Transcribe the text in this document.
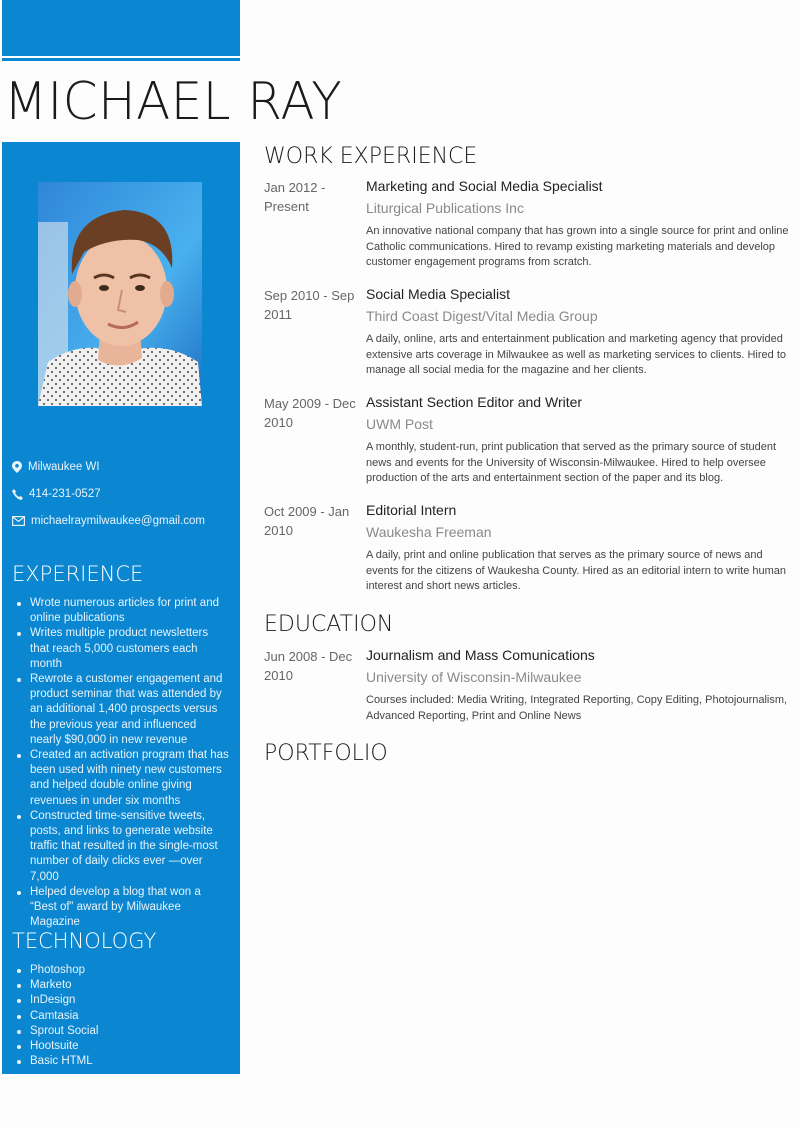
MICHAEL RAY
Milwaukee WI
414-231-0527
michaelraymilwaukee@gmail.com
EXPERIENCE
Wrote numerous articles for print and online publications
Writes multiple product newsletters that reach 5,000 customers each month
Rewrote a customer engagement and product seminar that was attended by an additional 1,400 prospects versus the previous year and influenced nearly $90,000 in new revenue
Created an activation program that has been used with ninety new customers and helped double online giving revenues in under six months
Constructed time-sensitive tweets, posts, and links to generate website traffic that resulted in the single-most number of daily clicks ever —over 7,000
Helped develop a blog that won a “Best of” award by Milwaukee Magazine
TECHNOLOGY
Photoshop
Marketo
InDesign
Camtasia
Sprout Social
Hootsuite
Basic HTML
WORK EXPERIENCE
Jan 2012 - Present
Marketing and Social Media Specialist
Liturgical Publications Inc
An innovative national company that has grown into a single source for print and online Catholic communications. Hired to revamp existing marketing materials and develop customer engagement programs from scratch.
Sep 2010 - Sep 2011
Social Media Specialist
Third Coast Digest/Vital Media Group
A daily, online, arts and entertainment publication and marketing agency that provided extensive arts coverage in Milwaukee as well as marketing services to clients. Hired to manage all social media for the magazine and her clients.
May 2009 - Dec 2010
Assistant Section Editor and Writer
UWM Post
A monthly, student-run, print publication that served as the primary source of student news and events for the University of Wisconsin-Milwaukee. Hired to help oversee production of the arts and entertainment section of the paper and its blog.
Oct 2009 - Jan 2010
Editorial Intern
Waukesha Freeman
A daily, print and online publication that serves as the primary source of news and events for the citizens of Waukesha County. Hired as an editorial intern to write human interest and short news articles.
EDUCATION
Jun 2008 - Dec 2010
Journalism and Mass Comunications
University of Wisconsin-Milwaukee
Courses included: Media Writing, Integrated Reporting, Copy Editing, Photojournalism, Advanced Reporting, Print and Online News
PORTFOLIO
